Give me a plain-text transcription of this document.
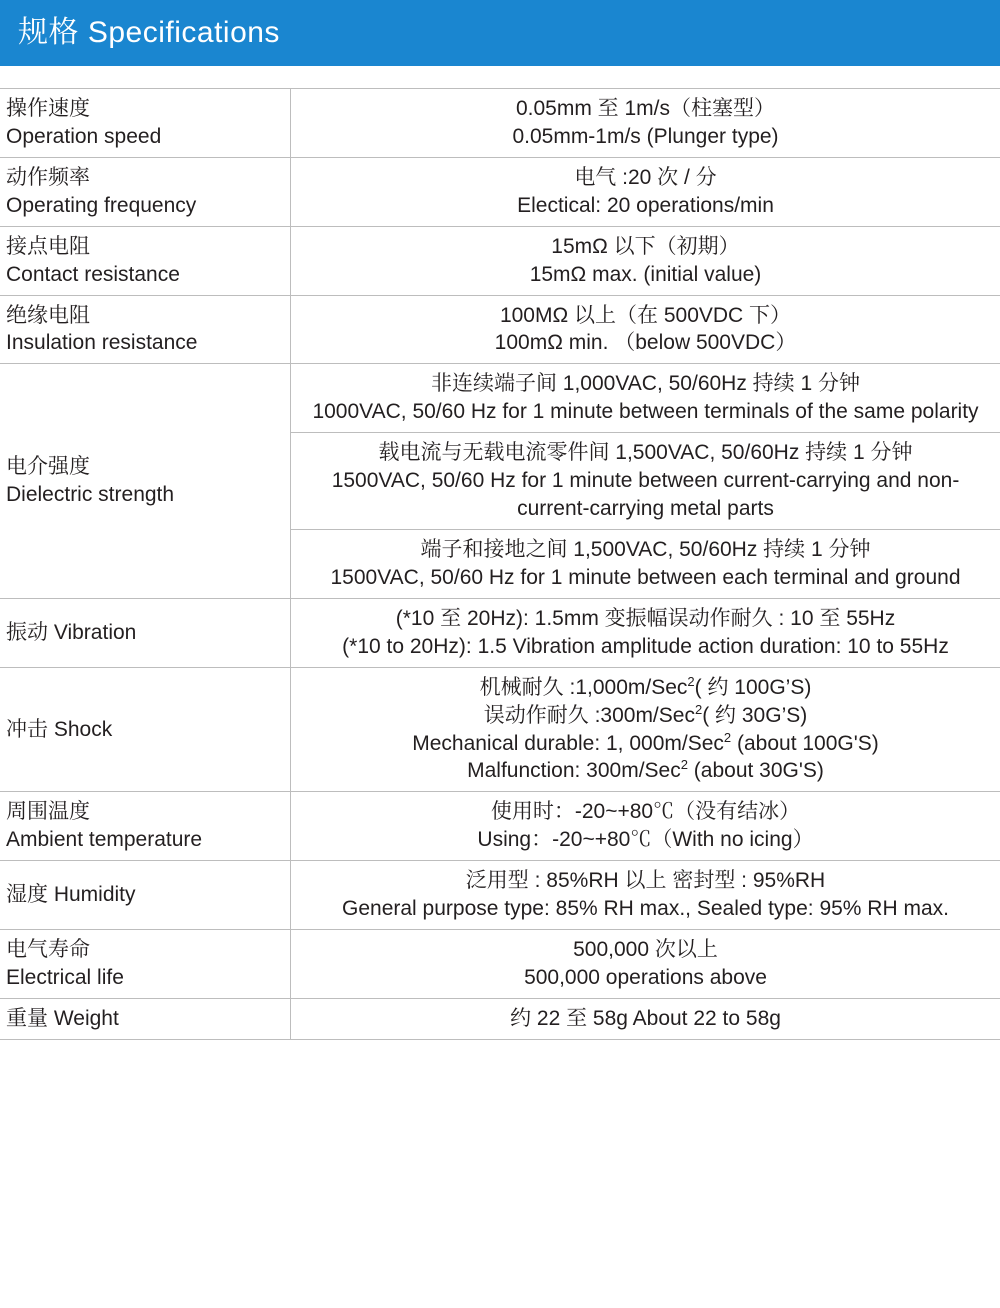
规格 Specifications
操作速度
Operation speed	0.05mm 至 1m/s（柱塞型）
0.05mm-1m/s (Plunger type)

动作频率
Operating frequency	电气 :20 次 / 分
Electical: 20 operations/min

接点电阻
Contact resistance	15mΩ 以下（初期）
15mΩ max. (initial value)

绝缘电阻
Insulation resistance	100MΩ 以上（在 500VDC 下）
100mΩ min. （below 500VDC）

电介强度
Dielectric strength	非连续端子间 1,000VAC, 50/60Hz 持续 1 分钟
1000VAC, 50/60 Hz for 1 minute between terminals of the same polarity

	载电流与无载电流零件间 1,500VAC, 50/60Hz 持续 1 分钟
1500VAC, 50/60 Hz for 1 minute between current-carrying and non-current-carrying metal parts

	端子和接地之间 1,500VAC, 50/60Hz 持续 1 分钟
1500VAC, 50/60 Hz for 1 minute between each terminal and ground

振动 Vibration	(*10 至 20Hz): 1.5mm 变振幅误动作耐久 : 10 至 55Hz
(*10 to 20Hz): 1.5 Vibration amplitude action duration: 10 to 55Hz

冲击 Shock	机械耐久 :1,000m/Sec$^2$( 约 100G’S)
误动作耐久 :300m/Sec$^2$( 约 30G’S)
Mechanical durable: 1, 000m/Sec$^2$ (about 100G'S)
Malfunction: 300m/Sec$^2$ (about 30G'S)

周围温度
Ambient temperature	使用时：-20~+80℃（没有结冰）
Using：-20~+80℃（With no icing）

湿度 Humidity	泛用型 : 85%RH 以上 密封型 : 95%RH
General purpose type: 85% RH max., Sealed type: 95% RH max.

电气寿命
Electrical life	500,000 次以上
500,000 operations above

重量 Weight	约 22 至 58g About 22 to 58g
